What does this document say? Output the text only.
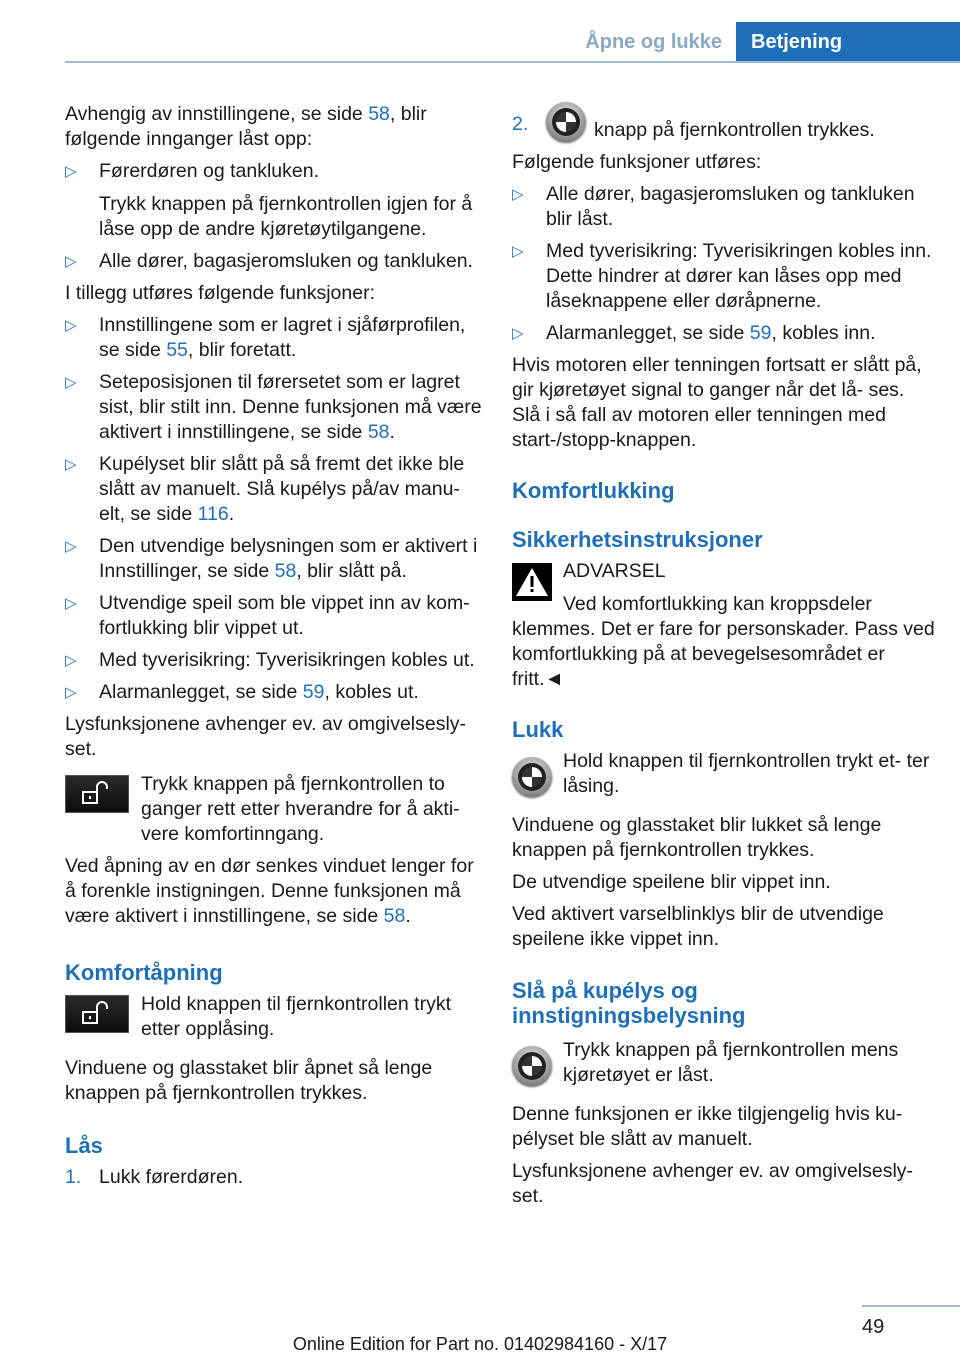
Åpne og lukke	Betjening

Avhengig av innstillingene, se side 58, blir følgende innganger låst opp:

▷ Førerdøren og tankluken.
Trykk knappen på fjernkontrollen igjen for å låse opp de andre kjøretøytilgangene.
▷ Alle dører, bagasjeromsluken og tankluken.

I tillegg utføres følgende funksjoner:

▷ Innstillingene som er lagret i sjåførprofilen, se side 55, blir foretatt.
▷ Seteposisjonen til førersetet som er lagret sist, blir stilt inn. Denne funksjonen må være aktivert i innstillingene, se side 58.
▷ Kupélyset blir slått på så fremt det ikke ble slått av manuelt. Slå kupélys på/av manu‐ elt, se side 116.
▷ Den utvendige belysningen som er aktivert i Innstillinger, se side 58, blir slått på.
▷ Utvendige speil som ble vippet inn av kom‐ fortlukking blir vippet ut.
▷ Med tyverisikring: Tyverisikringen kobles ut.
▷ Alarmanlegget, se side 59, kobles ut.

Lysfunksjonene avhenger ev. av omgivelsesly‐ set.

Trykk knappen på fjernkontrollen to ganger rett etter hverandre for å akti‐ vere komfortinngang.

Ved åpning av en dør senkes vinduet lenger for å forenkle instigningen. Denne funksjonen må være aktivert i innstillingene, se side 58.

Komfortåpning
Hold knappen til fjernkontrollen trykt etter opplåsing.

Vinduene og glasstaket blir åpnet så lenge knappen på fjernkontrollen trykkes.

Lås
1. Lukk førerdøren.
2.	knapp på fjernkontrollen trykkes.

Følgende funksjoner utføres:

▷ Alle dører, bagasjeromsluken og tankluken blir låst.
▷ Med tyverisikring: Tyverisikringen kobles inn. Dette hindrer at dører kan låses opp med låseknappene eller døråpnerne.
▷ Alarmanlegget, se side 59, kobles inn.

Hvis motoren eller tenningen fortsatt er slått på, gir kjøretøyet signal to ganger når det lå‐ ses. Slå i så fall av motoren eller tenningen med start-/stopp-knappen.

Komfortlukking
Sikkerhetsinstruksjoner
ADVARSEL
Ved komfortlukking kan kroppsdeler klemmes. Det er fare for personskader. Pass ved komfortlukking på at bevegelsesområdet er fritt.◄
Lukk
Hold knappen til fjernkontrollen trykt et‐ ter låsing.

Vinduene og glasstaket blir lukket så lenge knappen på fjernkontrollen trykkes.

De utvendige speilene blir vippet inn.

Ved aktivert varselblinklys blir de utvendige speilene ikke vippet inn.

Slå på kupélys og innstigningsbelysning
Trykk knappen på fjernkontrollen mens kjøretøyet er låst.

Denne funksjonen er ikke tilgjengelig hvis ku‐ pélyset ble slått av manuelt.

Lysfunksjonene avhenger ev. av omgivelsesly‐ set.

49
Online Edition for Part no. 01402984160 - X/17
